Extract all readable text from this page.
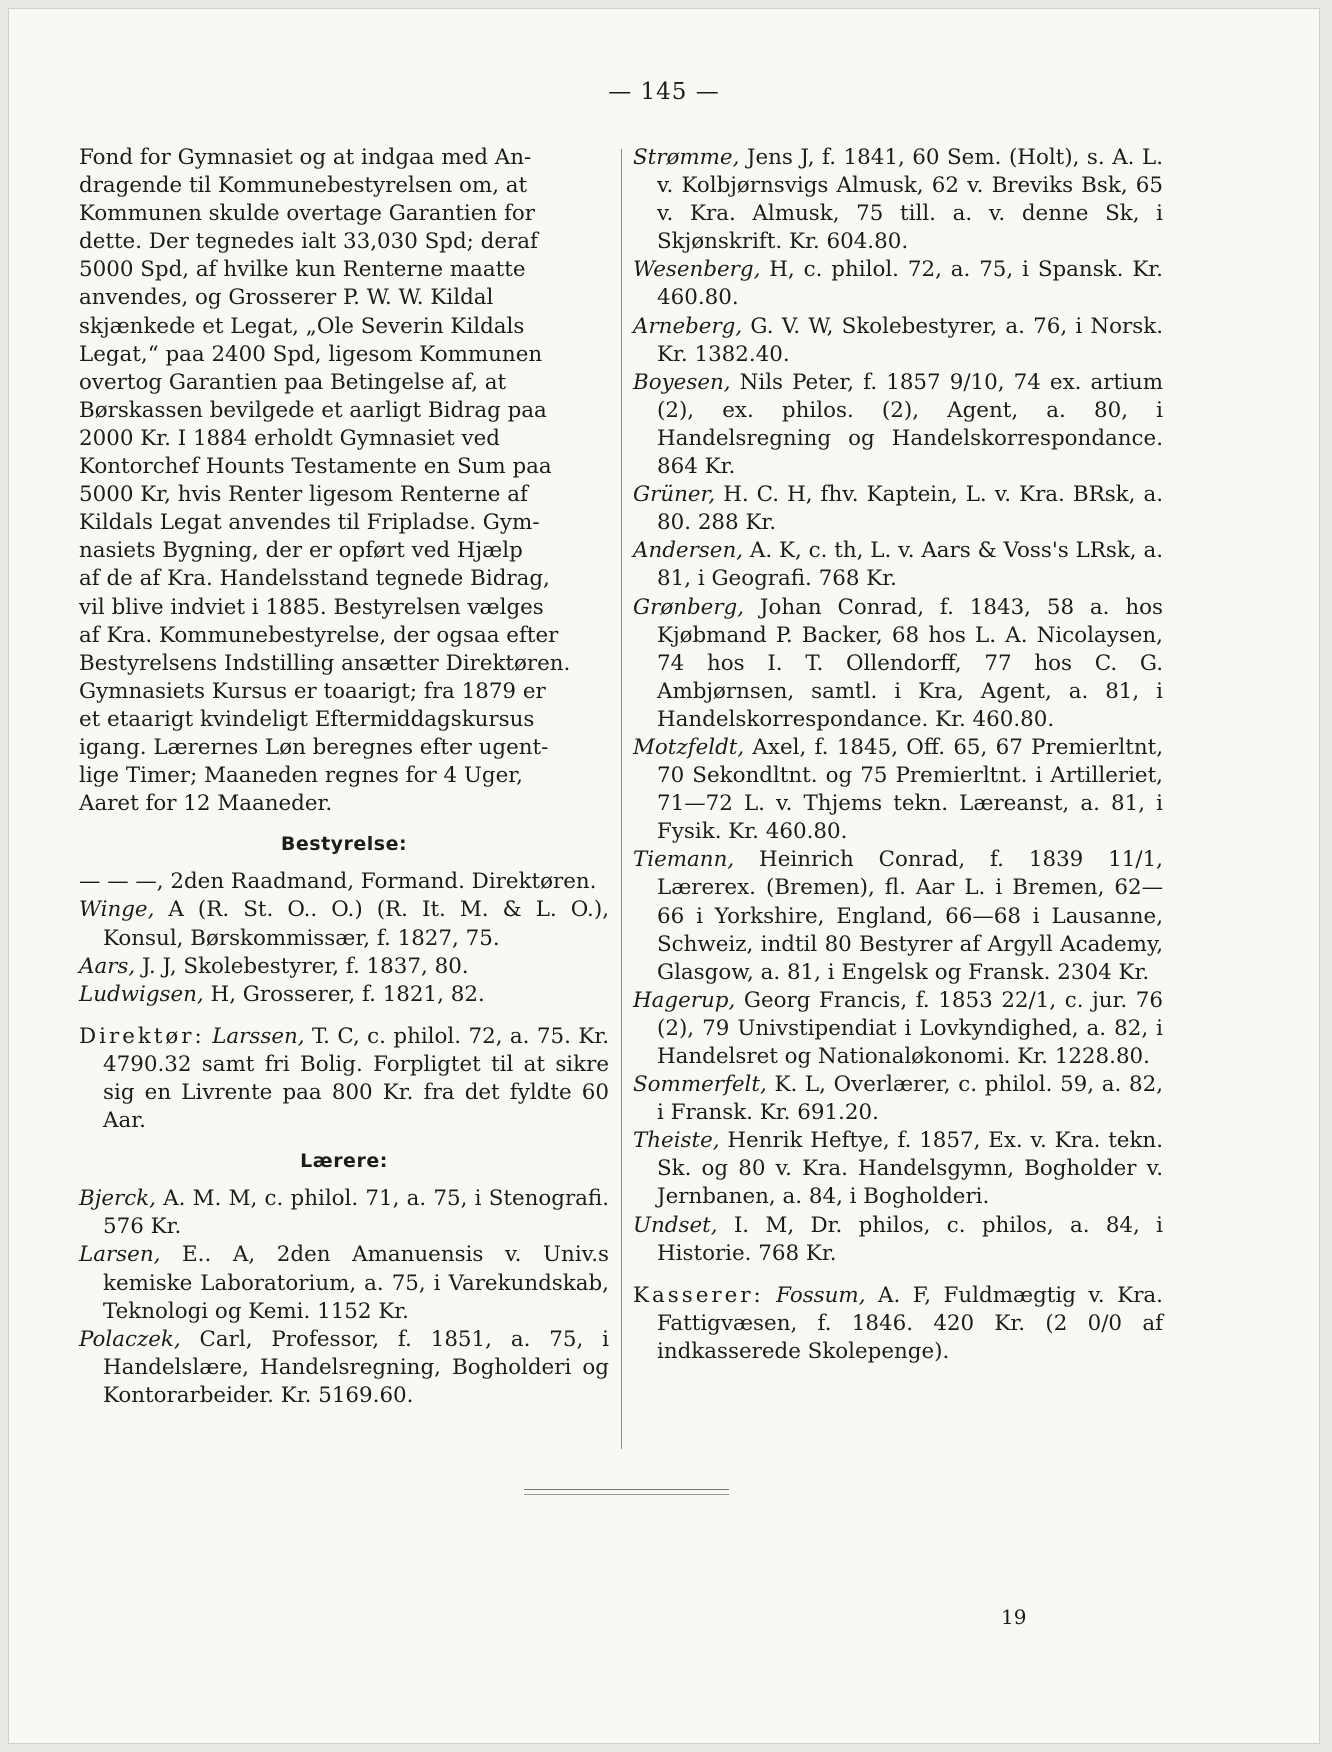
— 145 —
Fond for Gymnasiet og at indgaa med An-
dragende til Kommunebestyrelsen om, at
Kommunen skulde overtage Garantien for
dette. Der tegnedes ialt 33,030 Spd; deraf
5000 Spd, af hvilke kun Renterne maatte
anvendes, og Grosserer P. W. W. Kildal
skjænkede et Legat, „Ole Severin Kildals
Legat,“ paa 2400 Spd, ligesom Kommunen
overtog Garantien paa Betingelse af, at
Børskassen bevilgede et aarligt Bidrag paa
2000 Kr. I 1884 erholdt Gymnasiet ved
Kontorchef Hounts Testamente en Sum paa
5000 Kr, hvis Renter ligesom Renterne af
Kildals Legat anvendes til Fripladse. Gym-
nasiets Bygning, der er opført ved Hjælp
af de af Kra. Handelsstand tegnede Bidrag,
vil blive indviet i 1885. Bestyrelsen vælges
af Kra. Kommunebestyrelse, der ogsaa efter
Bestyrelsens Indstilling ansætter Direktøren.
Gymnasiets Kursus er toaarigt; fra 1879 er
et etaarigt kvindeligt Eftermiddagskursus
igang. Lærernes Løn beregnes efter ugent-
lige Timer; Maaneden regnes for 4 Uger,
Aaret for 12 Maaneder.
Bestyrelse:

— — —, 2den Raadmand, Formand. Direktøren.

Winge, A (R. St. O.. O.) (R. It. M. & L. O.), Konsul, Børskommissær, f. 1827, 75.

Aars, J. J, Skolebestyrer, f. 1837, 80.

Ludwigsen, H, Grosserer, f. 1821, 82.

Direktør: Larssen, T. C, c. philol. 72, a. 75. Kr. 4790.32 samt fri Bolig. Forpligtet til at sikre sig en Livrente paa 800 Kr. fra det fyldte 60 Aar.

Lærere:

Bjerck, A. M. M, c. philol. 71, a. 75, i Stenografi. 576 Kr.

Larsen, E.. A, 2den Amanuensis v. Univ.s kemiske Laboratorium, a. 75, i Varekundskab, Teknologi og Kemi. 1152 Kr.

Polaczek, Carl, Professor, f. 1851, a. 75, i Handelslære, Handelsregning, Bogholderi og Kontorarbeider. Kr. 5169.60.

Strømme, Jens J, f. 1841, 60 Sem. (Holt), s. A. L. v. Kolbjørnsvigs Almusk, 62 v. Breviks Bsk, 65 v. Kra. Almusk, 75 till. a. v. denne Sk, i Skjønskrift. Kr. 604.80.

Wesenberg, H, c. philol. 72, a. 75, i Spansk. Kr. 460.80.

Arneberg, G. V. W, Skolebestyrer, a. 76, i Norsk. Kr. 1382.40.

Boyesen, Nils Peter, f. 1857 9/10, 74 ex. artium (2), ex. philos. (2), Agent, a. 80, i Handelsregning og Handelskorrespondance. 864 Kr.

Grüner, H. C. H, fhv. Kaptein, L. v. Kra. BRsk, a. 80. 288 Kr.

Andersen, A. K, c. th, L. v. Aars & Voss's LRsk, a. 81, i Geografi. 768 Kr.

Grønberg, Johan Conrad, f. 1843, 58 a. hos Kjøbmand P. Backer, 68 hos L. A. Nicolaysen, 74 hos I. T. Ollendorff, 77 hos C. G. Ambjørnsen, samtl. i Kra, Agent, a. 81, i Handelskorrespondance. Kr. 460.80.

Motzfeldt, Axel, f. 1845, Off. 65, 67 Premierltnt, 70 Sekondltnt. og 75 Premierltnt. i Artilleriet, 71—72 L. v. Thjems tekn. Læreanst, a. 81, i Fysik. Kr. 460.80.

Tiemann, Heinrich Conrad, f. 1839 11/1, Lærerex. (Bremen), fl. Aar L. i Bremen, 62—66 i Yorkshire, England, 66—68 i Lausanne, Schweiz, indtil 80 Bestyrer af Argyll Academy, Glasgow, a. 81, i Engelsk og Fransk. 2304 Kr.

Hagerup, Georg Francis, f. 1853 22/1, c. jur. 76 (2), 79 Univstipendiat i Lovkyndighed, a. 82, i Handelsret og Nationaløkonomi. Kr. 1228.80.

Sommerfelt, K. L, Overlærer, c. philol. 59, a. 82, i Fransk. Kr. 691.20.

Theiste, Henrik Heftye, f. 1857, Ex. v. Kra. tekn. Sk. og 80 v. Kra. Handelsgymn, Bogholder v. Jernbanen, a. 84, i Bogholderi.

Undset, I. M, Dr. philos, c. philos, a. 84, i Historie. 768 Kr.

Kasserer: Fossum, A. F, Fuldmægtig v. Kra. Fattigvæsen, f. 1846. 420 Kr. (2 0/0 af indkasserede Skolepenge).

19
